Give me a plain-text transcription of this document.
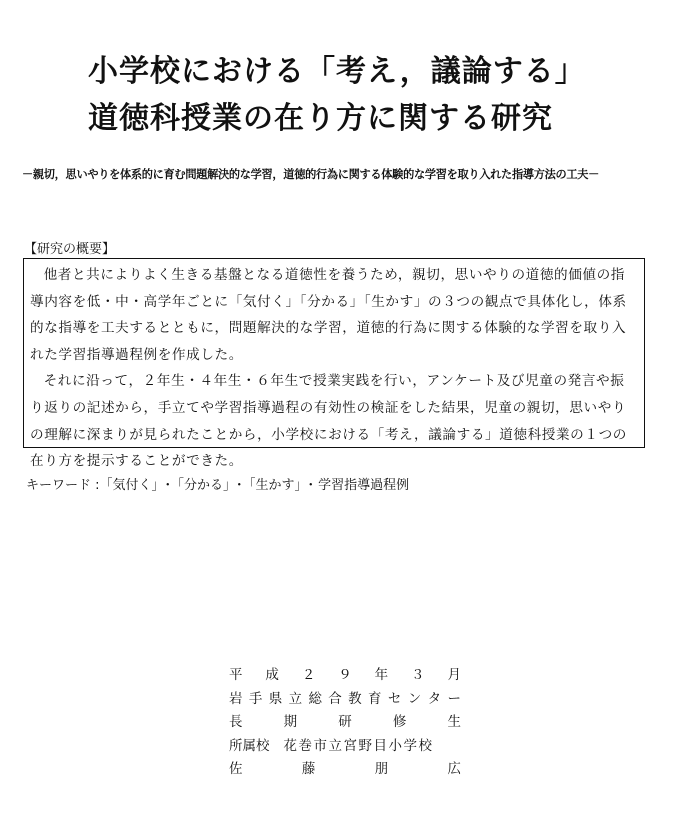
小学校における「考え，議論する」
道徳科授業の在り方に関する研究
－親切，思いやりを体系的に育む問題解決的な学習，道徳的行為に関する体験的な学習を取り入れた指導方法の工夫－
【研究の概要】

他者と共によりよく生きる基盤となる道徳性を養うため，親切，思いやりの道徳的価値の指導内容を低・中・高学年ごとに「気付く」「分かる」「生かす」の３つの観点で具体化し，体系的な指導を工夫するとともに，問題解決的な学習，道徳的行為に関する体験的な学習を取り入れた学習指導過程例を作成した。

それに沿って，２年生・４年生・６年生で授業実践を行い，アンケート及び児童の発言や振り返りの記述から，手立てや学習指導過程の有効性の検証をした結果，児童の親切，思いやりの理解に深まりが見られたことから，小学校における「考え，議論する」道徳科授業の１つの在り方を提示することができた。

キーワード :「気付く」･「分かる」･「生かす」･ 学習指導過程例
平 成 ２ ９ 年 ３ 月
岩 手 県 立 総 合 教 育 セ ン タ ー
長	期	研	修	生
所属校 花巻市立宮野目小学校
佐	藤	朋	広
